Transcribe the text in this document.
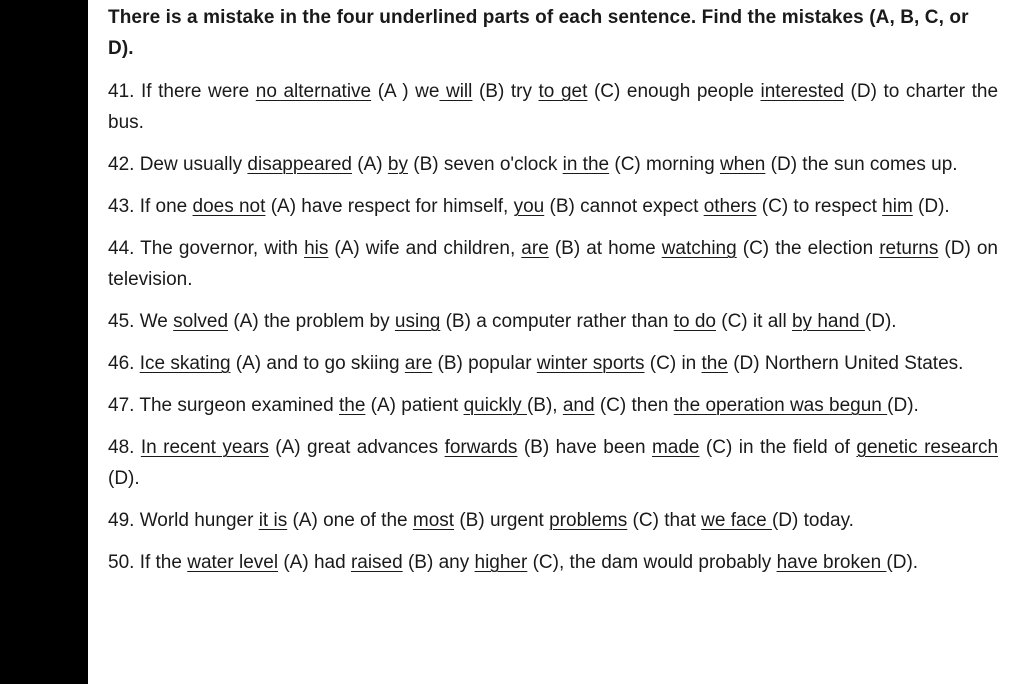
There is a mistake in the four underlined parts of each sentence. Find the mistakes (A, B, C, or D).

41. If there were no alternative (A ) we will (B) try to get (C) enough people interested (D) to charter the bus.

42. Dew usually disappeared (A) by (B) seven o'clock in the (C) morning when (D) the sun comes up.

43. If one does not (A) have respect for himself, you (B) cannot expect others (C) to respect him (D).

44. The governor, with his (A) wife and children, are (B) at home watching (C) the election returns (D) on television.

45. We solved (A) the problem by using (B) a computer rather than to do (C) it all by hand (D).

46. Ice skating (A) and to go skiing are (B) popular winter sports (C) in the (D) Northern United States.

47. The surgeon examined the (A) patient quickly (B), and (C) then the operation was begun (D).

48. In recent years (A) great advances forwards (B) have been made (C) in the field of genetic research (D).

49. World hunger it is (A) one of the most (B) urgent problems (C) that we face (D) today.

50. If the water level (A) had raised (B) any higher (C), the dam would probably have broken (D).
